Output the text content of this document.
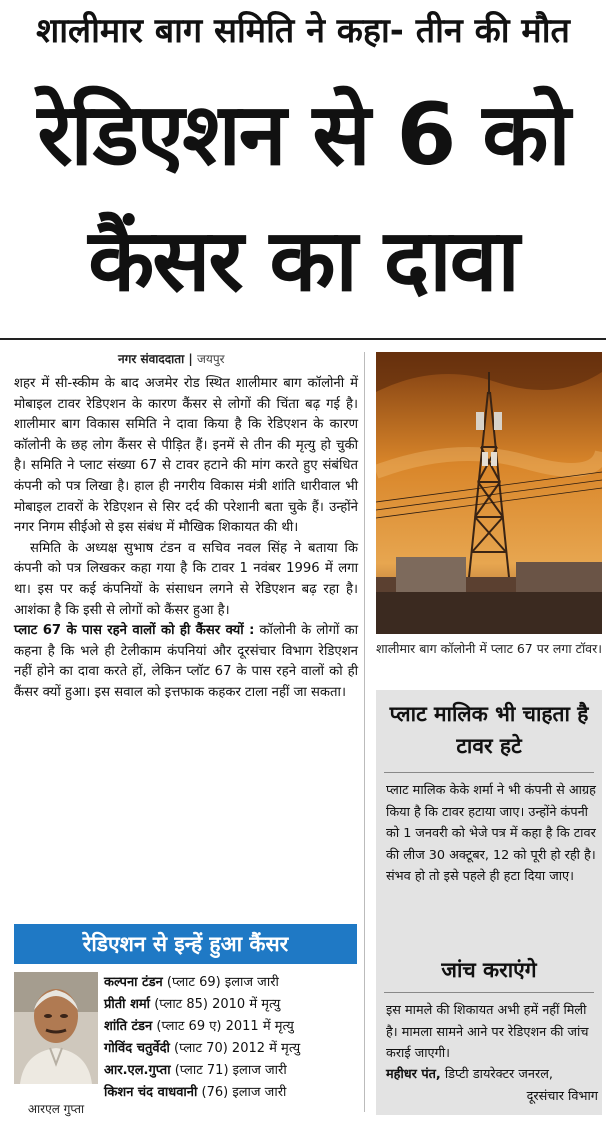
शालीमार बाग समिति ने कहा- तीन की मौत
रेडिएशन से 6 को
कैंसर का दावा
नगर संवाददाता | जयपुर

शहर में सी-स्कीम के बाद अजमेर रोड स्थित शालीमार बाग कॉलोनी में मोबाइल टावर रेडिएशन के कारण कैंसर से लोगों की चिंता बढ़ गई है। शालीमार बाग विकास समिति ने दावा किया है कि रेडिएशन के कारण कॉलोनी के छह लोग कैंसर से पीड़ित हैं। इनमें से तीन की मृत्यु हो चुकी है। समिति ने प्लाट संख्या 67 से टावर हटाने की मांग करते हुए संबंधित कंपनी को पत्र लिखा है। हाल ही नगरीय विकास मंत्री शांति धारीवाल भी मोबाइल टावरों के रेडिएशन से सिर दर्द की परेशानी बता चुके हैं। उन्होंने नगर निगम सीईओ से इस संबंध में मौखिक शिकायत की थी।

समिति के अध्यक्ष सुभाष टंडन व सचिव नवल सिंह ने बताया कि कंपनी को पत्र लिखकर कहा गया है कि टावर 1 नवंबर 1996 में लगा था। इस पर कई कंपनियों के संसाधन लगने से रेडिएशन बढ़ रहा है। आशंका है कि इसी से लोगों को कैंसर हुआ है।

प्लाट 67 के पास रहने वालों को ही कैंसर क्यों : कॉलोनी के लोगों का कहना है कि भले ही टेलीकाम कंपनियां और दूरसंचार विभाग रेडिएशन नहीं होने का दावा करते हों, लेकिन प्लॉट 67 के पास रहने वालों को ही कैंसर क्यों हुआ। इस सवाल को इत्तफाक कहकर टाला नहीं जा सकता।

शालीमार बाग कॉलोनी में प्लाट 67 पर लगा टॉवर।
प्लाट मालिक भी चाहता है टावर हटे

प्लाट मालिक केके शर्मा ने भी कंपनी से आग्रह किया है कि टावर हटाया जाए। उन्होंने कंपनी को 1 जनवरी को भेजे पत्र में कहा है कि टावर की लीज 30 अक्टूबर, 12 को पूरी हो रही है। संभव हो तो इसे पहले ही हटा दिया जाए।

जांच कराएंगे

इस मामले की शिकायत अभी हमें नहीं मिली है। मामला सामने आने पर रेडिएशन की जांच कराई जाएगी।

महीधर पंत, डिप्टी डायरेक्टर जनरल,
दूरसंचार विभाग
रेडिएशन से इन्हें हुआ कैंसर
आरएल गुप्ता
कल्पना टंडन (प्लाट 69) इलाज जारी
प्रीती शर्मा (प्लाट 85) 2010 में मृत्यु
शांति टंडन (प्लाट 69 ए) 2011 में मृत्यु
गोविंद चतुर्वेदी (प्लाट 70) 2012 में मृत्यु
आर.एल.गुप्ता (प्लाट 71) इलाज जारी
किशन चंद वाधवानी (76) इलाज जारी
